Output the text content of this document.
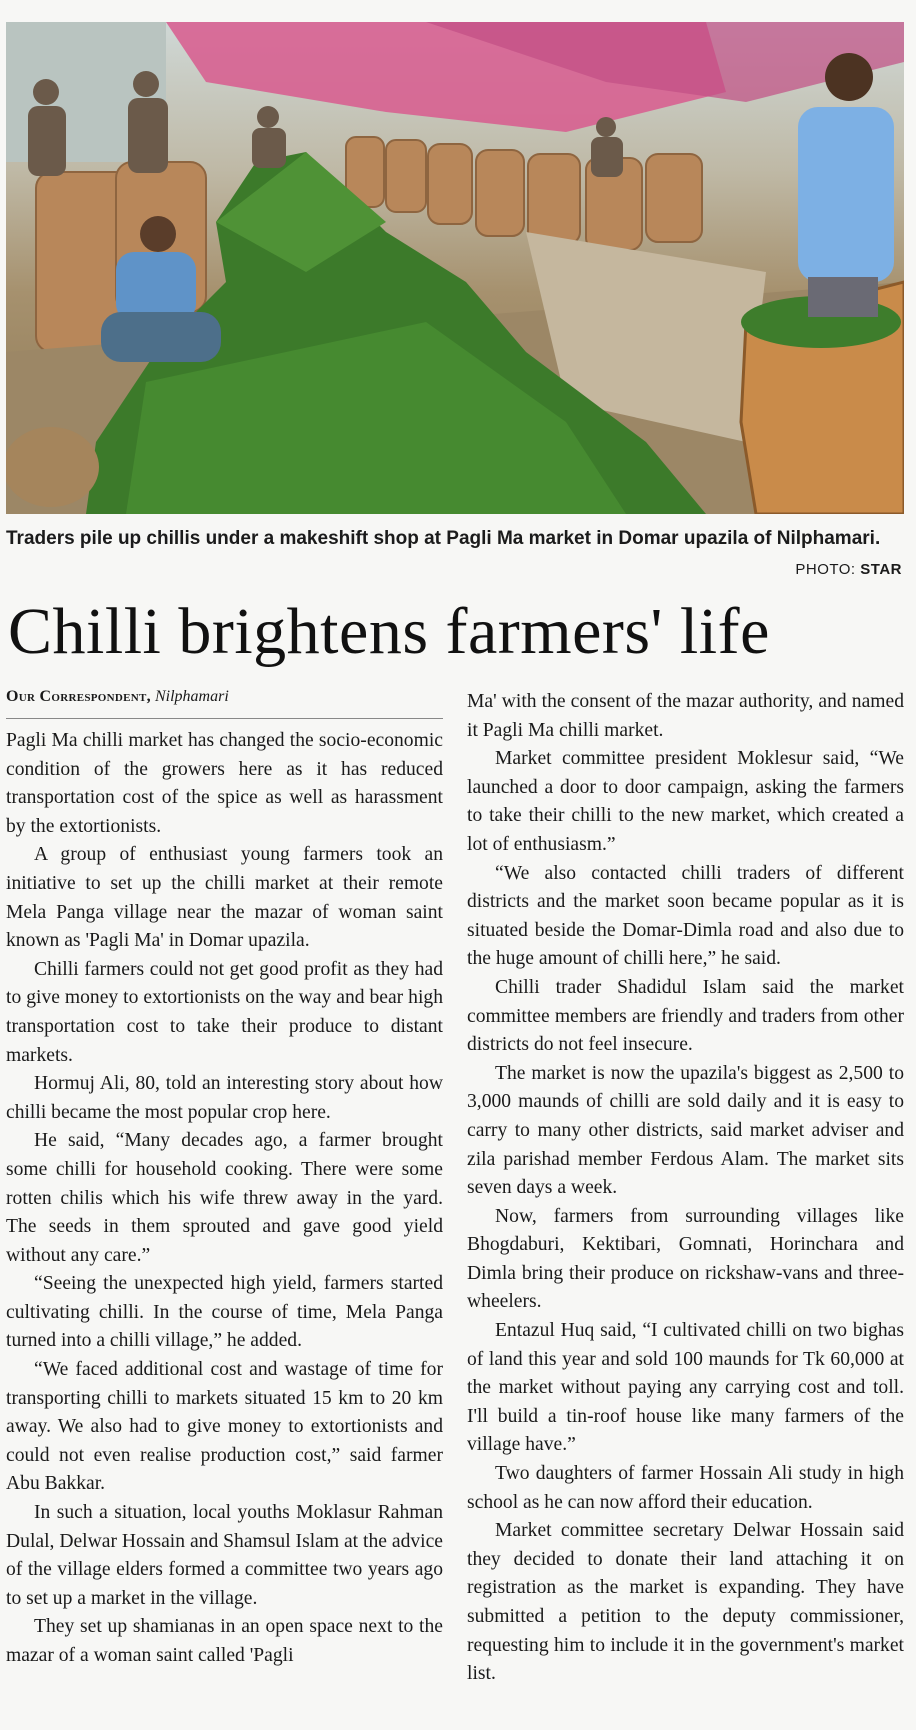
Traders pile up chillis under a makeshift shop at Pagli Ma market in Domar upazila of Nilphamari.
PHOTO: STAR
Chilli brightens farmers' life
Our Correspondent, Nilphamari

Pagli Ma chilli market has changed the socio-economic condition of the growers here as it has reduced transportation cost of the spice as well as harassment by the extortionists.

A group of enthusiast young farmers took an initiative to set up the chilli market at their remote Mela Panga village near the mazar of woman saint known as 'Pagli Ma' in Domar upazila.

Chilli farmers could not get good profit as they had to give money to extortionists on the way and bear high transportation cost to take their produce to distant markets.

Hormuj Ali, 80, told an interesting story about how chilli became the most popular crop here.

He said, “Many decades ago, a farmer brought some chilli for household cooking. There were some rotten chilis which his wife threw away in the yard. The seeds in them sprouted and gave good yield without any care.”

“Seeing the unexpected high yield, farmers started cultivating chilli. In the course of time, Mela Panga turned into a chilli village,” he added.

“We faced additional cost and wastage of time for transporting chilli to markets situated 15 km to 20 km away. We also had to give money to extortionists and could not even realise production cost,” said farmer Abu Bakkar.

In such a situation, local youths Moklasur Rahman Dulal, Delwar Hossain and Shamsul Islam at the advice of the village elders formed a committee two years ago to set up a market in the village.

They set up shamianas in an open space next to the mazar of a woman saint called 'Pagli

Ma' with the consent of the mazar authority, and named it Pagli Ma chilli market.

Market committee president Moklesur said, “We launched a door to door campaign, asking the farmers to take their chilli to the new market, which created a lot of enthusiasm.”

“We also contacted chilli traders of different districts and the market soon became popular as it is situated beside the Domar-Dimla road and also due to the huge amount of chilli here,” he said.

Chilli trader Shadidul Islam said the market committee members are friendly and traders from other districts do not feel insecure.

The market is now the upazila's biggest as 2,500 to 3,000 maunds of chilli are sold daily and it is easy to carry to many other districts, said market adviser and zila parishad member Ferdous Alam. The market sits seven days a week.

Now, farmers from surrounding villages like Bhogdaburi, Kektibari, Gomnati, Horinchara and Dimla bring their produce on rickshaw-vans and three-wheelers.

Entazul Huq said, “I cultivated chilli on two bighas of land this year and sold 100 maunds for Tk 60,000 at the market without paying any carrying cost and toll. I'll build a tin-roof house like many farmers of the village have.”

Two daughters of farmer Hossain Ali study in high school as he can now afford their education.

Market committee secretary Delwar Hossain said they decided to donate their land attaching it on registration as the market is expanding. They have submitted a petition to the deputy commissioner, requesting him to include it in the government's market list.
